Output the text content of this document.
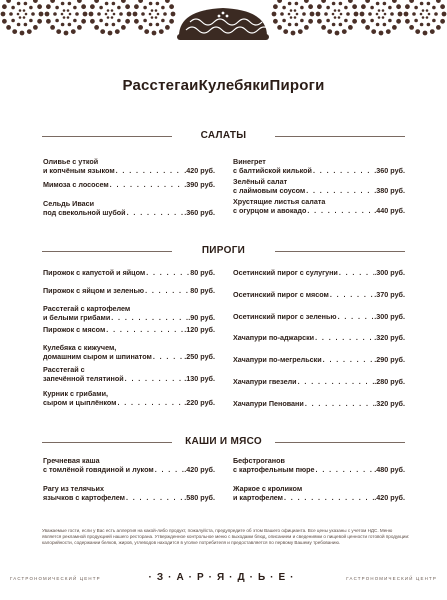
РасстегаиКулебякиПироги
САЛАТЫ
Оливье с уткой
и копчёным языком . . .	.420 руб.
Мимоза с лососем . . .	.390 руб.
Сельдь Иваси
под свекольной шубой . . .	.360 руб.
Винегрет
с балтийской килькой . . .	.360 руб.
Зелёный салат
с лаймовым соусом . . .	.380 руб.
Хрустящие листья салата
с огурцом и авокадо . . .	.440 руб.
ПИРОГИ
Пирожок с капустой и яйцом . . .	80 руб.
Пирожок с яйцом и зеленью . . .	80 руб.
Расстегай с картофелем
и белыми грибами . . .	.90 руб.
Пирожок с мясом . . .	.120 руб.
Кулебяка с кижучем,
домашним сыром и шпинатом . . .	.250 руб.
Расстегай с
запечённой телятиной . . .	.130 руб.
Курник с грибами,
сыром и цыплёнком . . .	.220 руб.
Осетинский пирог с сулугуни . . .	.300 руб.
Осетинский пирог с мясом . . .	.370 руб.
Осетинский пирог с зеленью . . .	.300 руб.
Хачапури по-аджарски . . .	.320 руб.
Хачапури по-мегрельски . . .	.290 руб.
Хачапури гвезели . . .	.280 руб.
Хачапури Пеновани . . .	.320 руб.
КАШИ И МЯСО
Гречневая каша
с томлёной говядиной и луком . . .	.420 руб.
Рагу из телячьих
язычков с картофелем . . .	.580 руб.
Бефстроганов
с картофельным пюре . . .	.480 руб.
Жаркое с кроликом
и картофелем . . .	.420 руб.
Уважаемые гости, если у Вас есть аллергия на какой-либо продукт, пожалуйста, предупредите об этом Вашего официанта. Все цены указаны с учетом НДС. Меню является рекламной продукцией нашего ресторана. Утвержденное контрольное меню с выходами блюд, описанием и сведениями о пищевой ценности готовой продукции: калорийности, содержании белков, жиров, углеводов находится в уголке потребителя и предоставляется по первому Вашему требованию.
ГАСТРОНОМИЧЕСКИЙ ЦЕНТР	·З·А·Р·Я·Д·Ь·Е·	ГАСТРОНОМИЧЕСКИЙ ЦЕНТР
